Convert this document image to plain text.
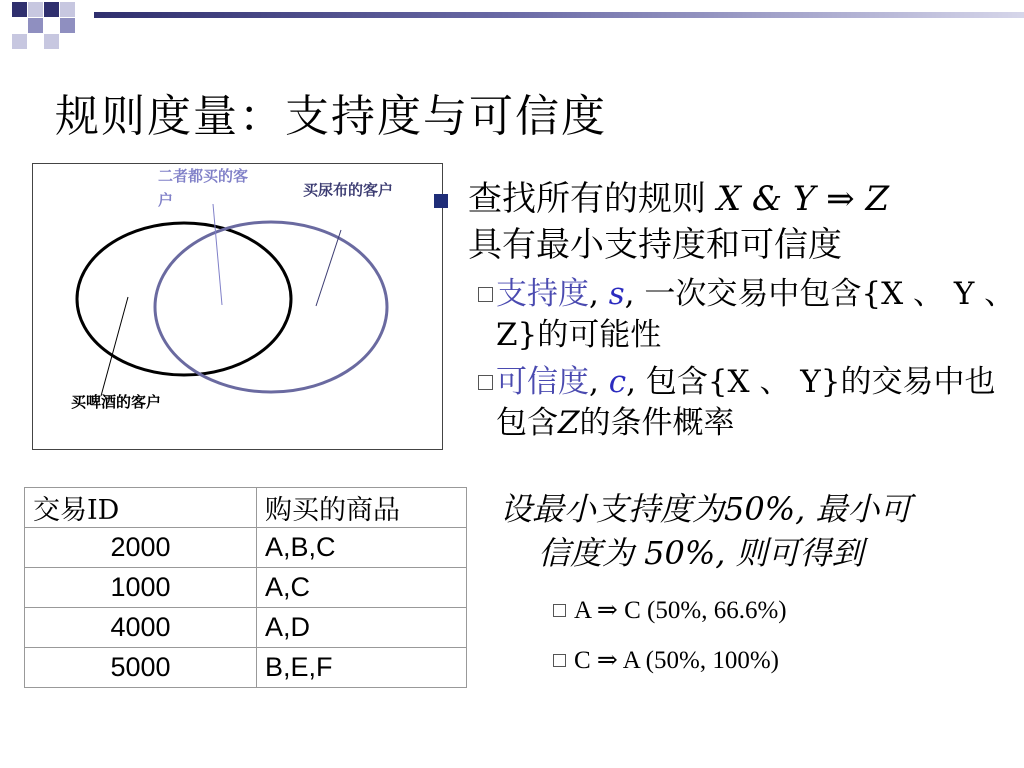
规则度量：支持度与可信度
二者都买的客户
买尿布的客户
买啤酒的客户
查找所有的规则 X & Y ⇒ Z
具有最小支持度和可信度
支持度, s, 一次交易中包含{X 、 Y 、 Z}的可能性
可信度, c, 包含{X 、 Y}的交易中也包含Z的条件概率
交易ID	购买的商品
2000	A,B,C
1000	A,C
4000	A,D
5000	B,E,F
设最小支持度为50%, 最小可
信度为 50%, 则可得到
A ⇒ C (50%, 66.6%)
C ⇒ A (50%, 100%)
